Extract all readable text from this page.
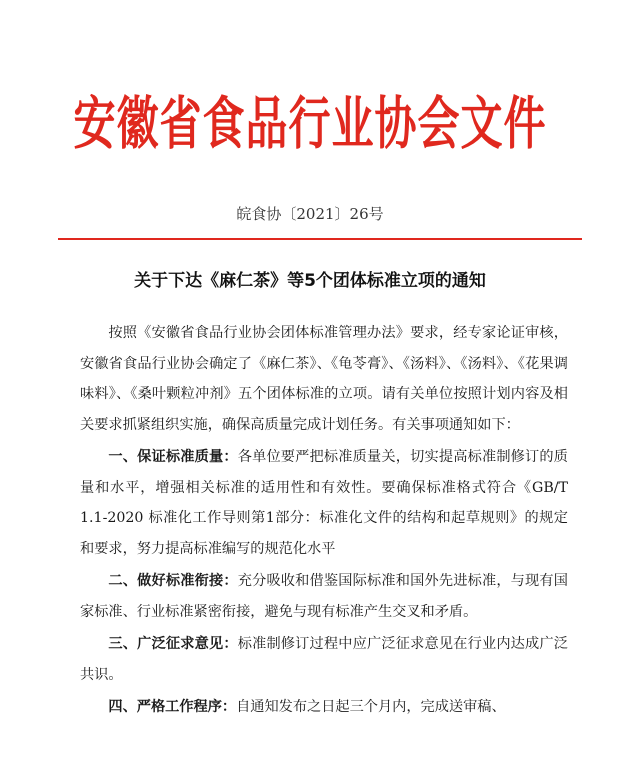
安徽省食品行业协会文件
皖食协〔2021〕26号
关于下达《麻仁茶》等5个团体标准立项的通知

按照《安徽省食品行业协会团体标准管理办法》要求，经专家论证审核，安徽省食品行业协会确定了《麻仁茶》、《龟苓膏》、《汤料》、《汤料》、《花果调味料》、《桑叶颗粒冲剂》五个团体标准的立项。请有关单位按照计划内容及相关要求抓紧组织实施，确保高质量完成计划任务。有关事项通知如下：

一、保证标准质量：各单位要严把标准质量关，切实提高标准制修订的质量和水平，增强相关标准的适用性和有效性。要确保标准格式符合《GB/T 1.1-2020 标准化工作导则第1部分：标准化文件的结构和起草规则》的规定和要求，努力提高标准编写的规范化水平

二、做好标准衔接：充分吸收和借鉴国际标准和国外先进标准，与现有国家标准、行业标准紧密衔接，避免与现有标准产生交叉和矛盾。

三、广泛征求意见：标准制修订过程中应广泛征求意见在行业内达成广泛共识。

四、严格工作程序：自通知发布之日起三个月内，完成送审稿、
